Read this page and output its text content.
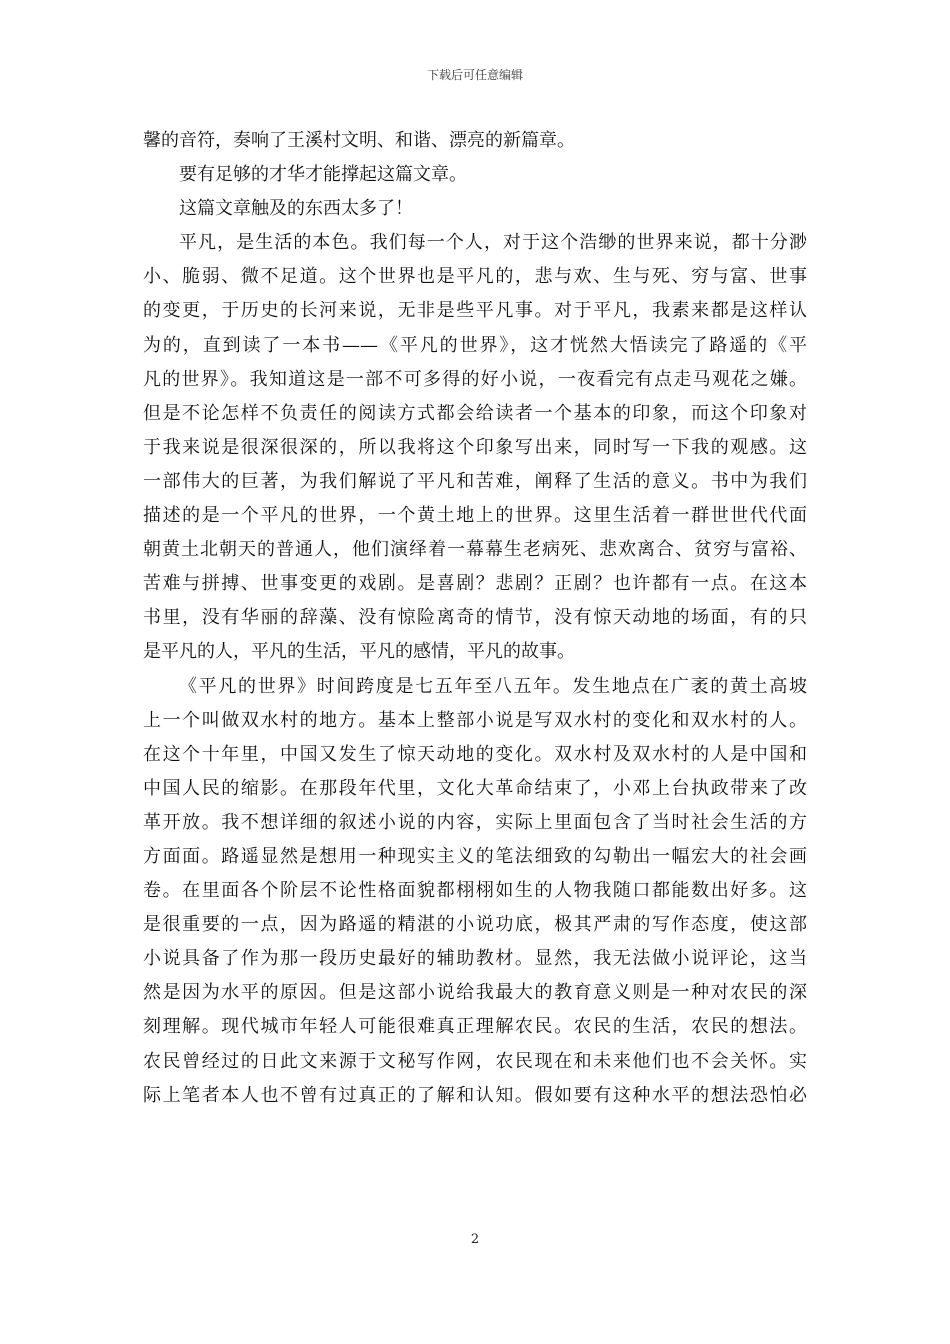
下载后可任意编辑
馨的音符，奏响了王溪村文明、和谐、漂亮的新篇章。
要有足够的才华才能撑起这篇文章。
这篇文章触及的东西太多了！
平凡，是生活的本色。我们每一个人，对于这个浩缈的世界来说，都十分渺
小、脆弱、微不足道。这个世界也是平凡的，悲与欢、生与死、穷与富、世事
的变更，于历史的长河来说，无非是些平凡事。对于平凡，我素来都是这样认
为的，直到读了一本书——《平凡的世界》，这才恍然大悟读完了路遥的《平
凡的世界》。我知道这是一部不可多得的好小说，一夜看完有点走马观花之嫌。
但是不论怎样不负责任的阅读方式都会给读者一个基本的印象，而这个印象对
于我来说是很深很深的，所以我将这个印象写出来，同时写一下我的观感。这
一部伟大的巨著，为我们解说了平凡和苦难，阐释了生活的意义。书中为我们
描述的是一个平凡的世界，一个黄土地上的世界。这里生活着一群世世代代面
朝黄土北朝天的普通人，他们演绎着一幕幕生老病死、悲欢离合、贫穷与富裕、
苦难与拼搏、世事变更的戏剧。是喜剧？悲剧？正剧？也许都有一点。在这本
书里，没有华丽的辞藻、没有惊险离奇的情节，没有惊天动地的场面，有的只
是平凡的人，平凡的生活，平凡的感情，平凡的故事。
《平凡的世界》时间跨度是七五年至八五年。发生地点在广袤的黄土高坡
上一个叫做双水村的地方。基本上整部小说是写双水村的变化和双水村的人。
在这个十年里，中国又发生了惊天动地的变化。双水村及双水村的人是中国和
中国人民的缩影。在那段年代里，文化大革命结束了，小邓上台执政带来了改
革开放。我不想详细的叙述小说的内容，实际上里面包含了当时社会生活的方
方面面。路遥显然是想用一种现实主义的笔法细致的勾勒出一幅宏大的社会画
卷。在里面各个阶层不论性格面貌都栩栩如生的人物我随口都能数出好多。这
是很重要的一点，因为路遥的精湛的小说功底，极其严肃的写作态度，使这部
小说具备了作为那一段历史最好的辅助教材。显然，我无法做小说评论，这当
然是因为水平的原因。但是这部小说给我最大的教育意义则是一种对农民的深
刻理解。现代城市年轻人可能很难真正理解农民。农民的生活，农民的想法。
农民曾经过的日此文来源于文秘写作网，农民现在和未来他们也不会关怀。实
际上笔者本人也不曾有过真正的了解和认知。假如要有这种水平的想法恐怕必
2
